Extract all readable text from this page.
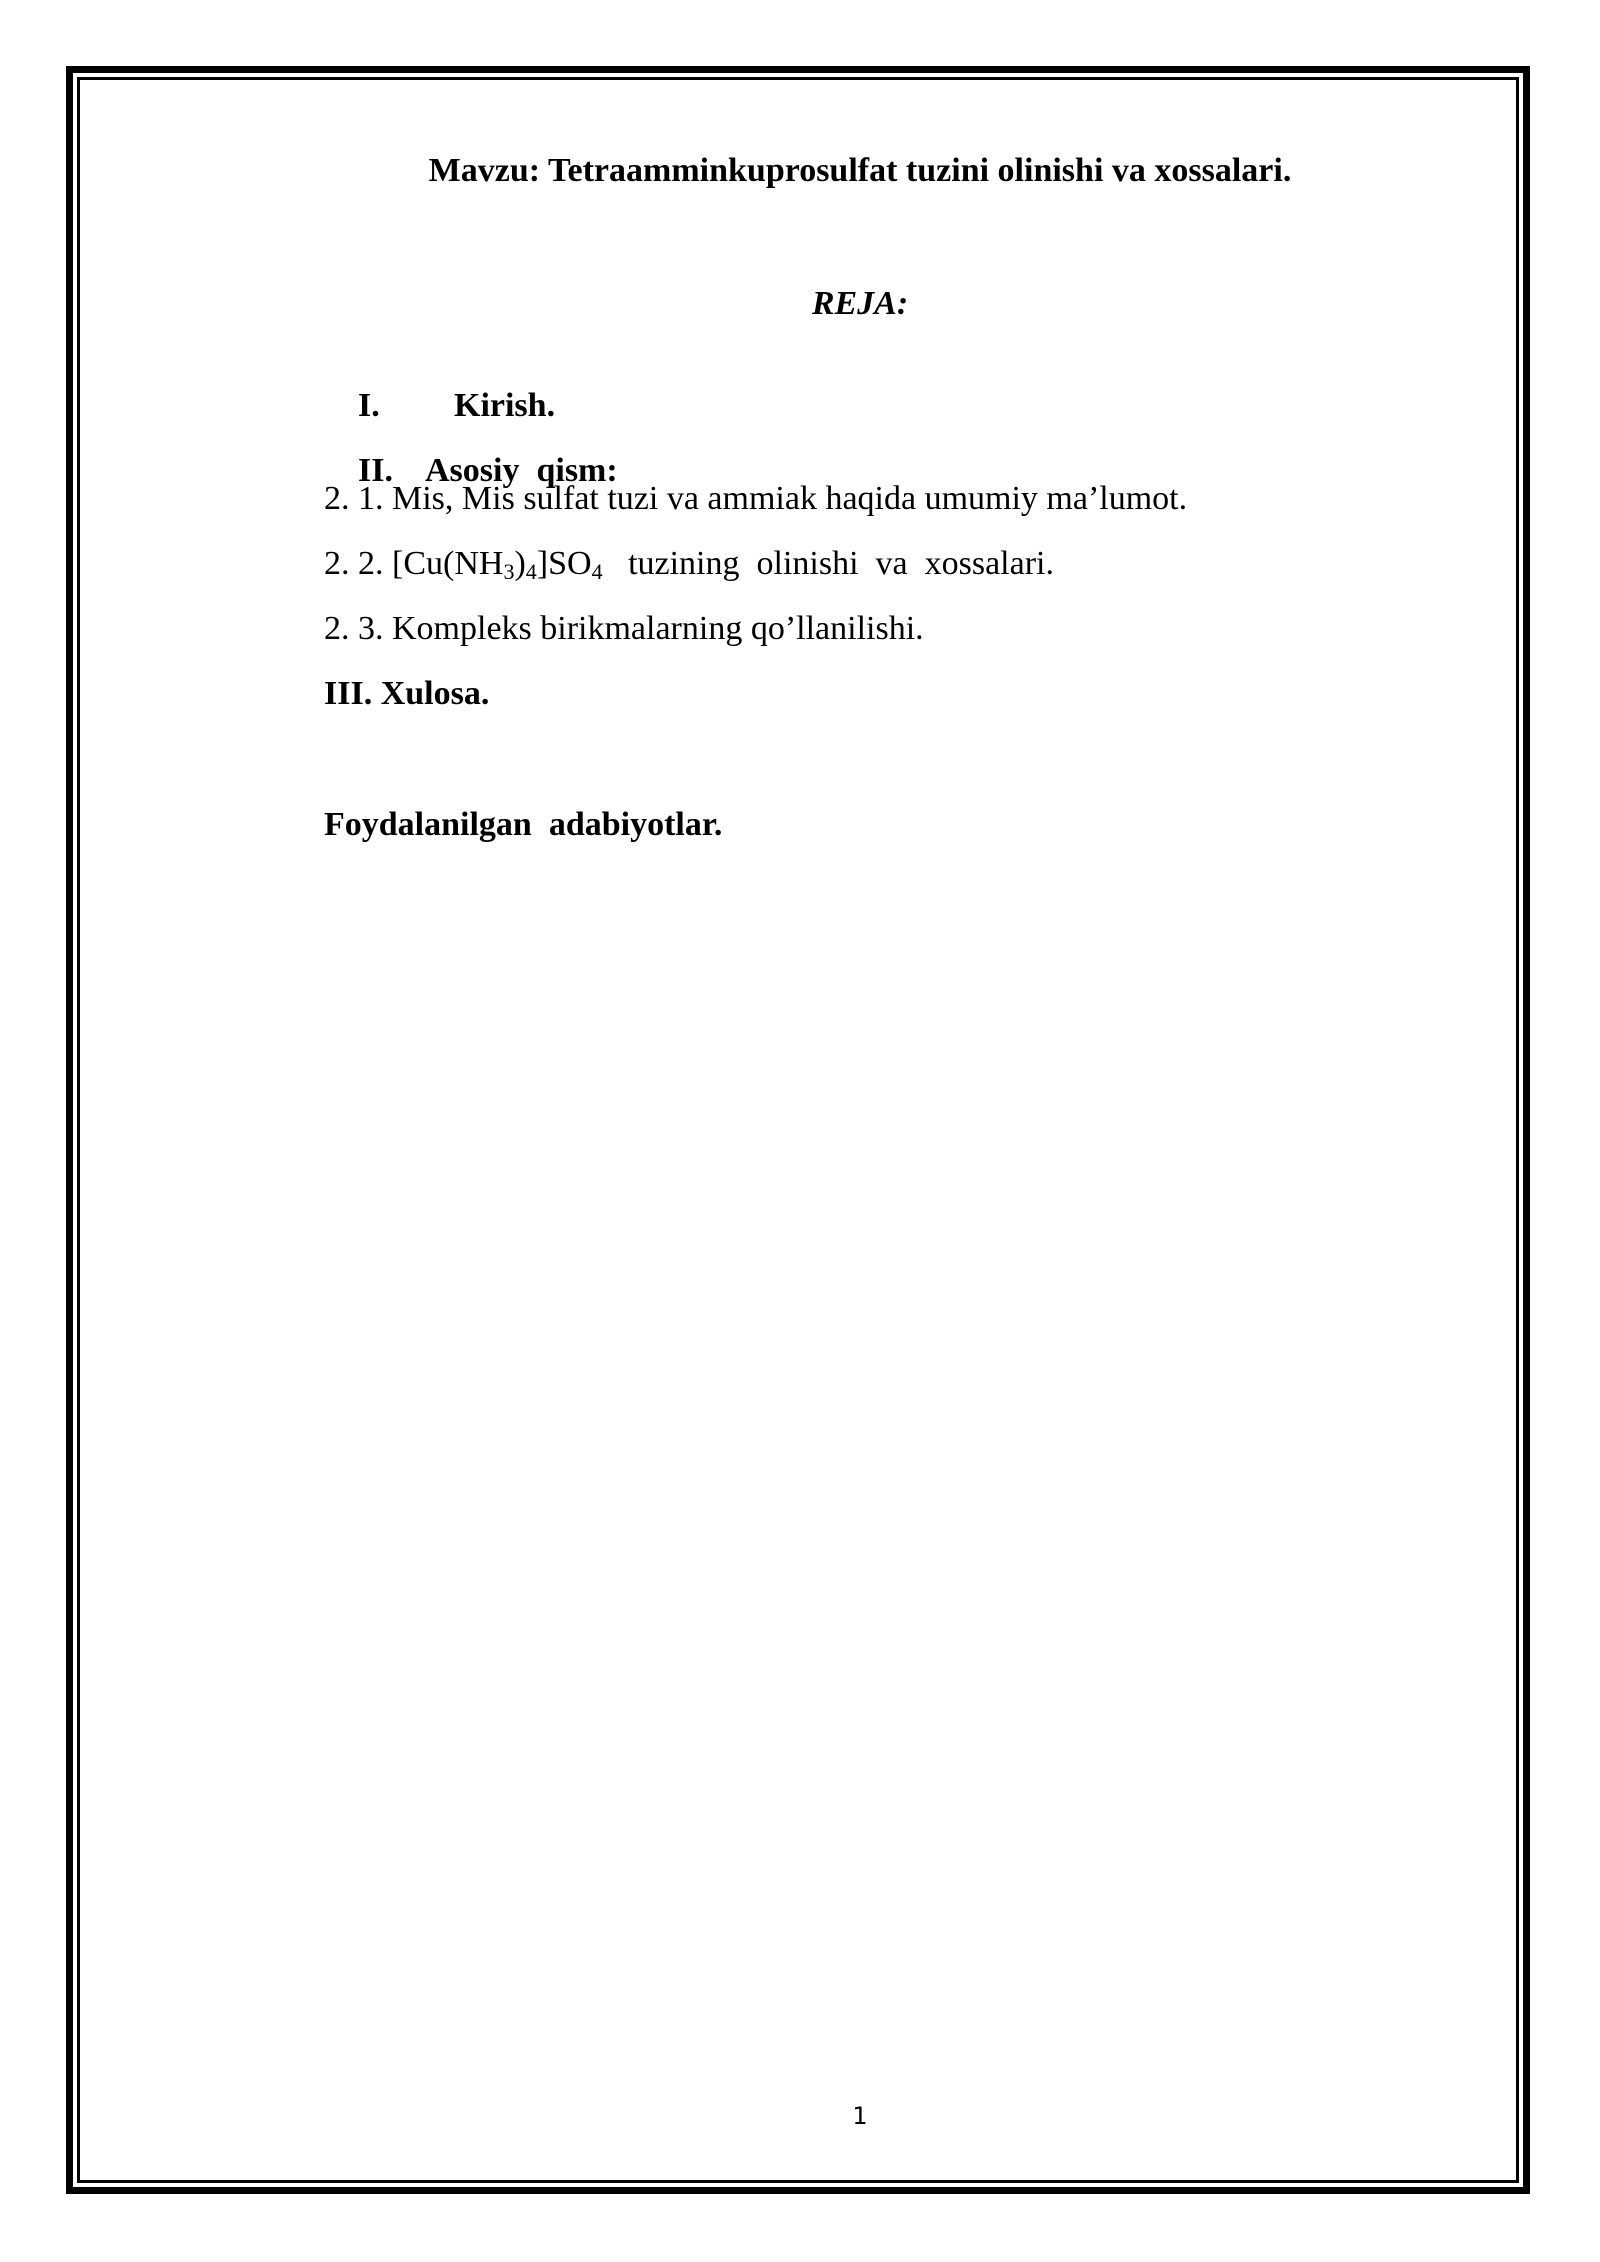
Mavzu: Tetraamminkuprosulfat tuzini olinishi va xossalari.
REJA:

I. Kirish.

II. Asosiy  qism:

2. 1. Mis, Mis sulfat tuzi va ammiak haqida umumiy ma’lumot.
2. 2. $[Cu(NH_3)_4]SO_4$   tuzining  olinishi  va  xossalari.
2. 3. Kompleks birikmalarning qo’llanilishi.
III. Xulosa.
Foydalanilgan  adabiyotlar.
1
